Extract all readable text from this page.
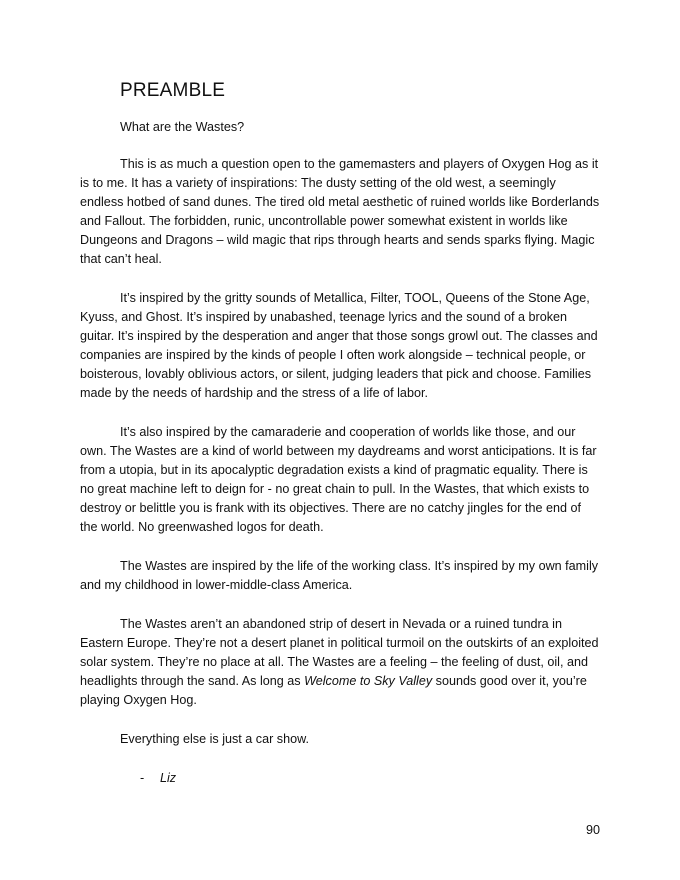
PREAMBLE

What are the Wastes?

This is as much a question open to the gamemasters and players of Oxygen Hog as it is to me. It has a variety of inspirations: The dusty setting of the old west, a seemingly endless hotbed of sand dunes. The tired old metal aesthetic of ruined worlds like Borderlands and Fallout. The forbidden, runic, uncontrollable power somewhat existent in worlds like Dungeons and Dragons – wild magic that rips through hearts and sends sparks flying. Magic that can’t heal.

It’s inspired by the gritty sounds of Metallica, Filter, TOOL, Queens of the Stone Age, Kyuss, and Ghost. It’s inspired by unabashed, teenage lyrics and the sound of a broken guitar. It’s inspired by the desperation and anger that those songs growl out. The classes and companies are inspired by the kinds of people I often work alongside – technical people, or boisterous, lovably oblivious actors, or silent, judging leaders that pick and choose. Families made by the needs of hardship and the stress of a life of labor.

It’s also inspired by the camaraderie and cooperation of worlds like those, and our own. The Wastes are a kind of world between my daydreams and worst anticipations. It is far from a utopia, but in its apocalyptic degradation exists a kind of pragmatic equality. There is no great machine left to deign for - no great chain to pull. In the Wastes, that which exists to destroy or belittle you is frank with its objectives. There are no catchy jingles for the end of the world. No greenwashed logos for death.

The Wastes are inspired by the life of the working class. It’s inspired by my own family and my childhood in lower-middle-class America.

The Wastes aren’t an abandoned strip of desert in Nevada or a ruined tundra in Eastern Europe. They’re not a desert planet in political turmoil on the outskirts of an exploited solar system. They’re no place at all. The Wastes are a feeling – the feeling of dust, oil, and headlights through the sand. As long as Welcome to Sky Valley sounds good over it, you’re playing Oxygen Hog.

Everything else is just a car show.

- Liz
90
